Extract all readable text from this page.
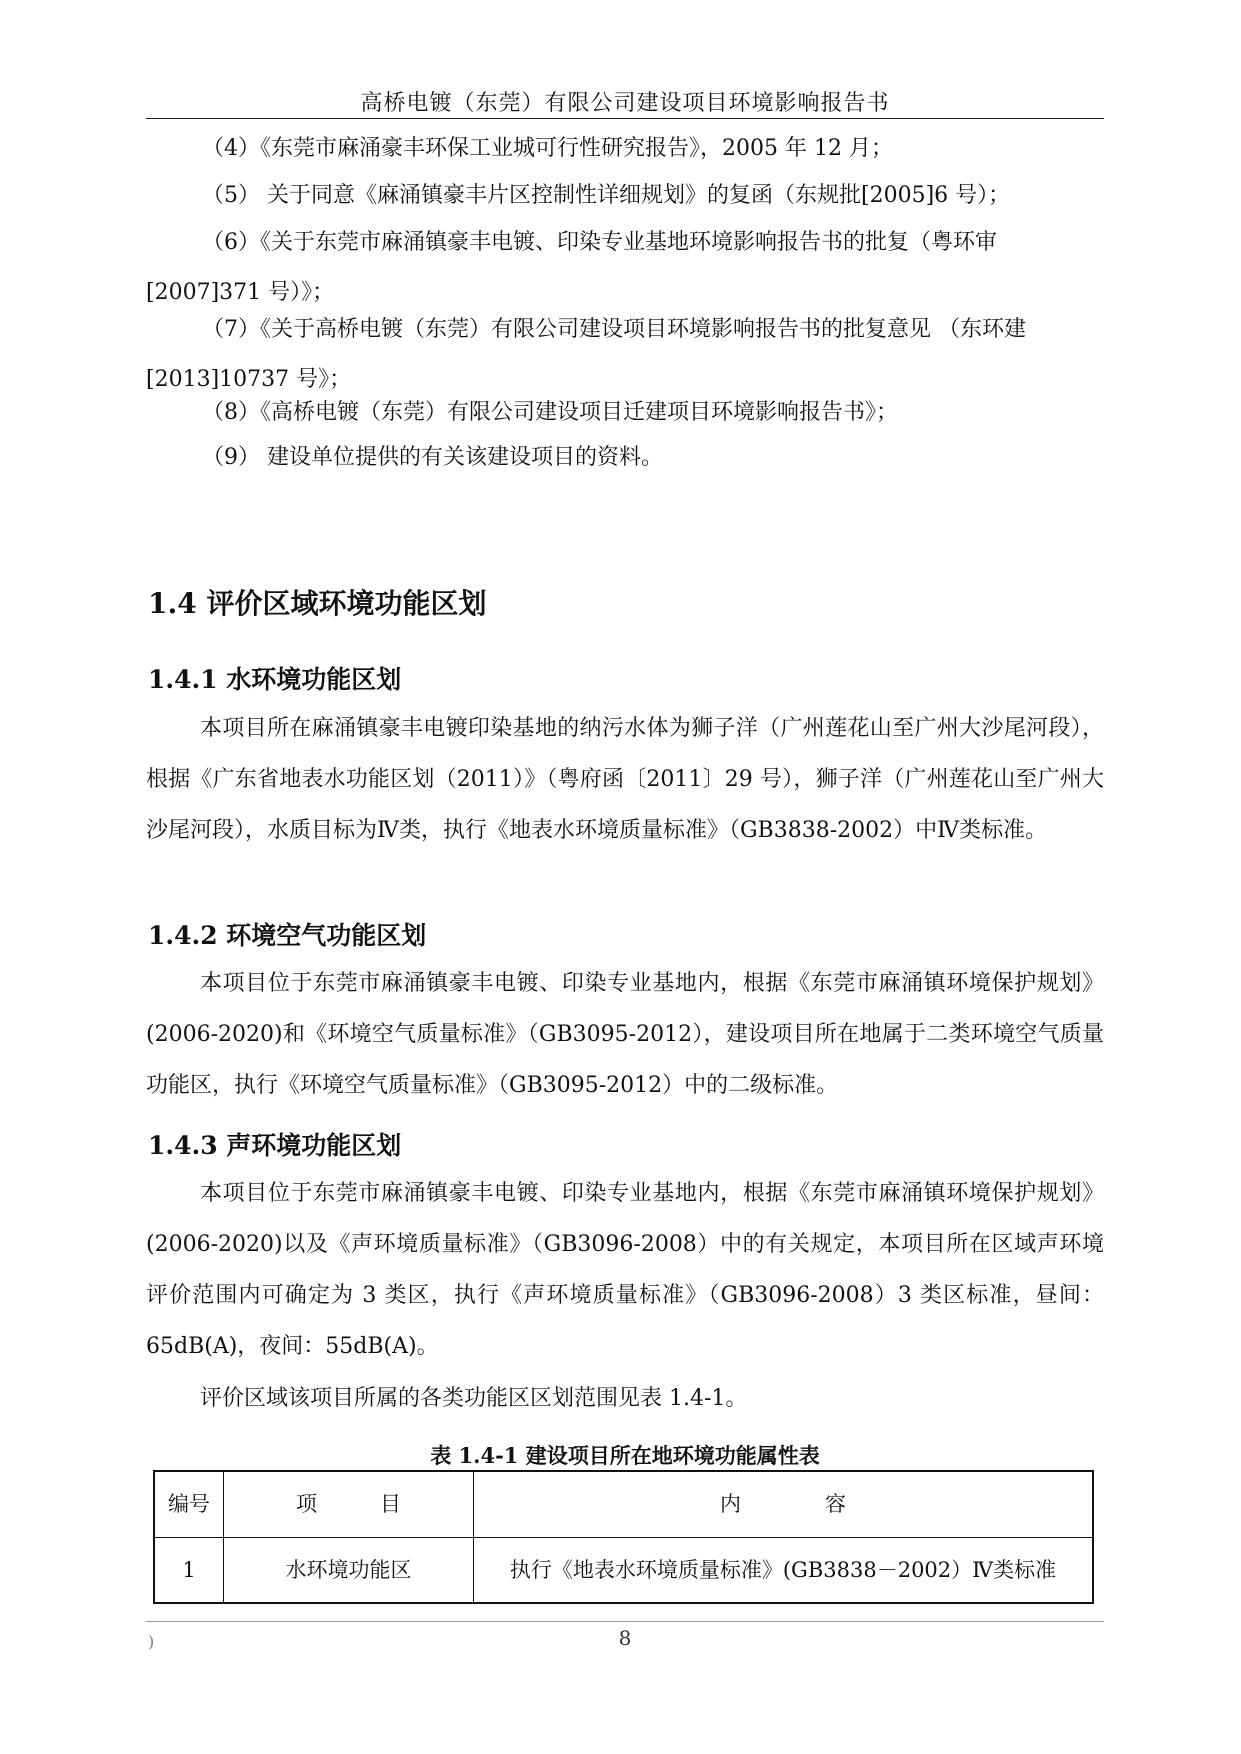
高桥电镀（东莞）有限公司建设项目环境影响报告书

（4）《东莞市麻涌豪丰环保工业城可行性研究报告》，2005 年 12 月；

（5） 关于同意《麻涌镇豪丰片区控制性详细规划》的复函（东规批[2005]6 号）；

（6）《关于东莞市麻涌镇豪丰电镀、印染专业基地环境影响报告书的批复（粤环审[2007]371 号）》；

（7）《关于高桥电镀（东莞）有限公司建设项目环境影响报告书的批复意见 （东环建[2013]10737 号》；

（8）《高桥电镀（东莞）有限公司建设项目迁建项目环境影响报告书》；

（9） 建设单位提供的有关该建设项目的资料。

1.4 评价区域环境功能区划
1.4.1 水环境功能区划

本项目所在麻涌镇豪丰电镀印染基地的纳污水体为狮子洋（广州莲花山至广州大沙尾河段），根据《广东省地表水功能区划（2011）》（粤府函〔2011〕29 号），狮子洋（广州莲花山至广州大沙尾河段），水质目标为Ⅳ类，执行《地表水环境质量标准》（GB3838-2002）中Ⅳ类标准。

1.4.2 环境空气功能区划

本项目位于东莞市麻涌镇豪丰电镀、印染专业基地内，根据《东莞市麻涌镇环境保护规划》(2006-2020)和《环境空气质量标准》（GB3095-2012），建设项目所在地属于二类环境空气质量功能区，执行《环境空气质量标准》（GB3095-2012）中的二级标准。

1.4.3 声环境功能区划

本项目位于东莞市麻涌镇豪丰电镀、印染专业基地内，根据《东莞市麻涌镇环境保护规划》(2006-2020)以及《声环境质量标准》（GB3096-2008）中的有关规定，本项目所在区域声环境评价范围内可确定为 3 类区，执行《声环境质量标准》（GB3096-2008）3 类区标准，昼间：65dB(A)，夜间：55dB(A)。

评价区域该项目所属的各类功能区区划范围见表 1.4-1。

表 1.4-1 建设项目所在地环境功能属性表

编号	项　　　目	内　　　　容
1	水环境功能区	执行《地表水环境质量标准》(GB3838－2002）Ⅳ类标准
)	8
